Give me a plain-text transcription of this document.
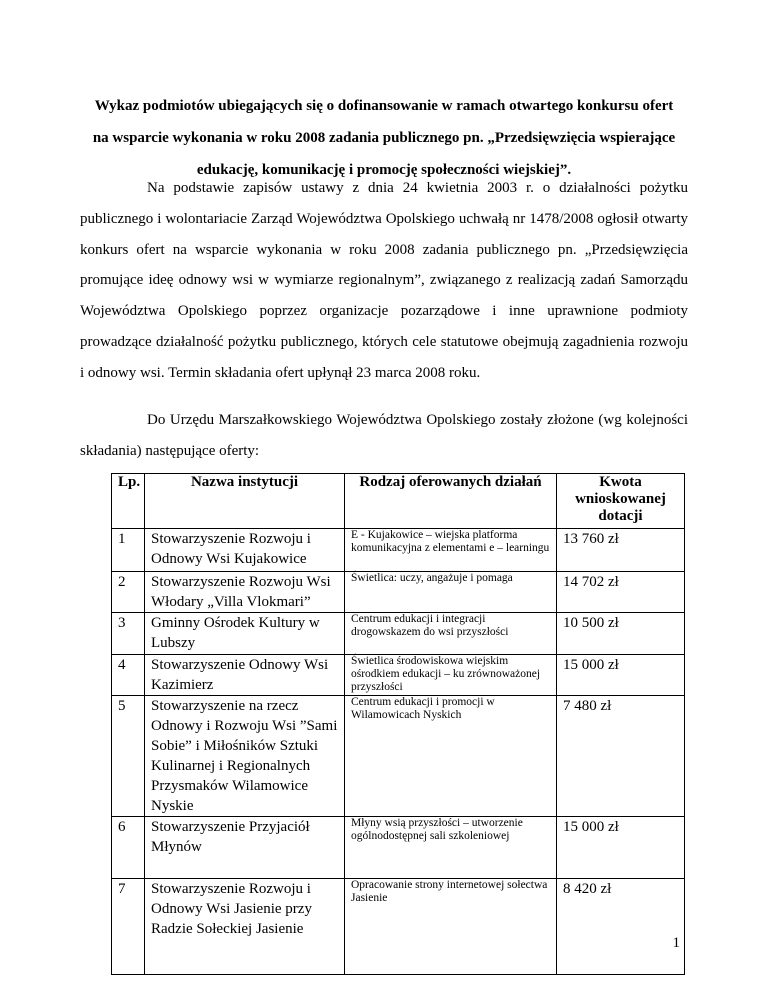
Wykaz podmiotów ubiegających się o dofinansowanie w ramach otwartego konkursu ofert na wsparcie wykonania w roku 2008 zadania publicznego pn. „Przedsięwzięcia wspierające edukację, komunikację i promocję społeczności wiejskiej”.

Na podstawie zapisów ustawy z dnia 24 kwietnia 2003 r. o działalności pożytku publicznego i wolontariacie Zarząd Województwa Opolskiego uchwałą nr 1478/2008 ogłosił otwarty konkurs ofert na wsparcie wykonania w roku 2008 zadania publicznego pn. „Przedsięwzięcia promujące ideę odnowy wsi w wymiarze regionalnym”, związanego z realizacją zadań Samorządu Województwa Opolskiego poprzez organizacje pozarządowe i inne uprawnione podmioty prowadzące działalność pożytku publicznego, których cele statutowe obejmują zagadnienia rozwoju i odnowy wsi. Termin składania ofert upłynął 23 marca 2008 roku.

Do Urzędu Marszałkowskiego Województwa Opolskiego zostały złożone (wg kolejności składania) następujące oferty:

Lp.	Nazwa instytucji	Rodzaj oferowanych działań	Kwota wnioskowanej dotacji
1	Stowarzyszenie Rozwoju i Odnowy Wsi Kujakowice	E - Kujakowice – wiejska platforma komunikacyjna z elementami e – learningu	13 760 zł
2	Stowarzyszenie Rozwoju Wsi Włodary „Villa Vlokmari”	Świetlica: uczy, angażuje i pomaga	14 702 zł
3	Gminny Ośrodek Kultury w Lubszy	Centrum edukacji i integracji drogowskazem do wsi przyszłości	10 500 zł
4	Stowarzyszenie Odnowy Wsi Kazimierz	Świetlica środowiskowa wiejskim ośrodkiem edukacji – ku zrównoważonej przyszłości	15 000 zł
5	Stowarzyszenie na rzecz Odnowy i Rozwoju Wsi ”Sami Sobie” i Miłośników Sztuki Kulinarnej i Regionalnych Przysmaków Wilamowice Nyskie	Centrum edukacji i promocji w Wilamowicach Nyskich	7 480 zł
6	Stowarzyszenie Przyjaciół Młynów	Młyny wsią przyszłości – utworzenie ogólnodostępnej sali szkoleniowej	15 000 zł
7	Stowarzyszenie Rozwoju i Odnowy Wsi Jasienie przy Radzie Sołeckiej Jasienie	Opracowanie strony internetowej sołectwa Jasienie	8 420 zł

1
